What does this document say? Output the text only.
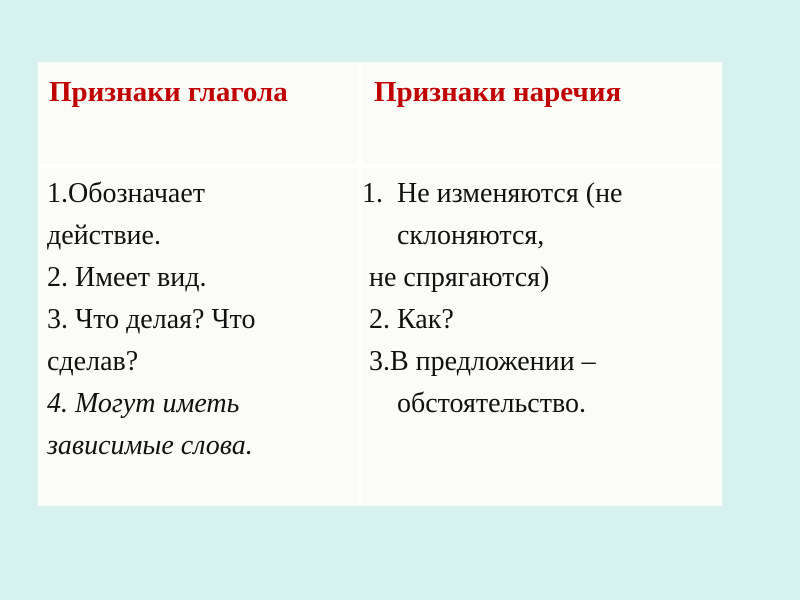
Признаки глагола	Признаки наречия
1.Обозначает
действие.
2. Имеет вид.
3. Что делая? Что
сделав?
4. Могут иметь
зависимые слова.
1. Не изменяются (не
склоняются,
не спрягаются)
2. Как?
3.В предложении –
обстоятельство.
